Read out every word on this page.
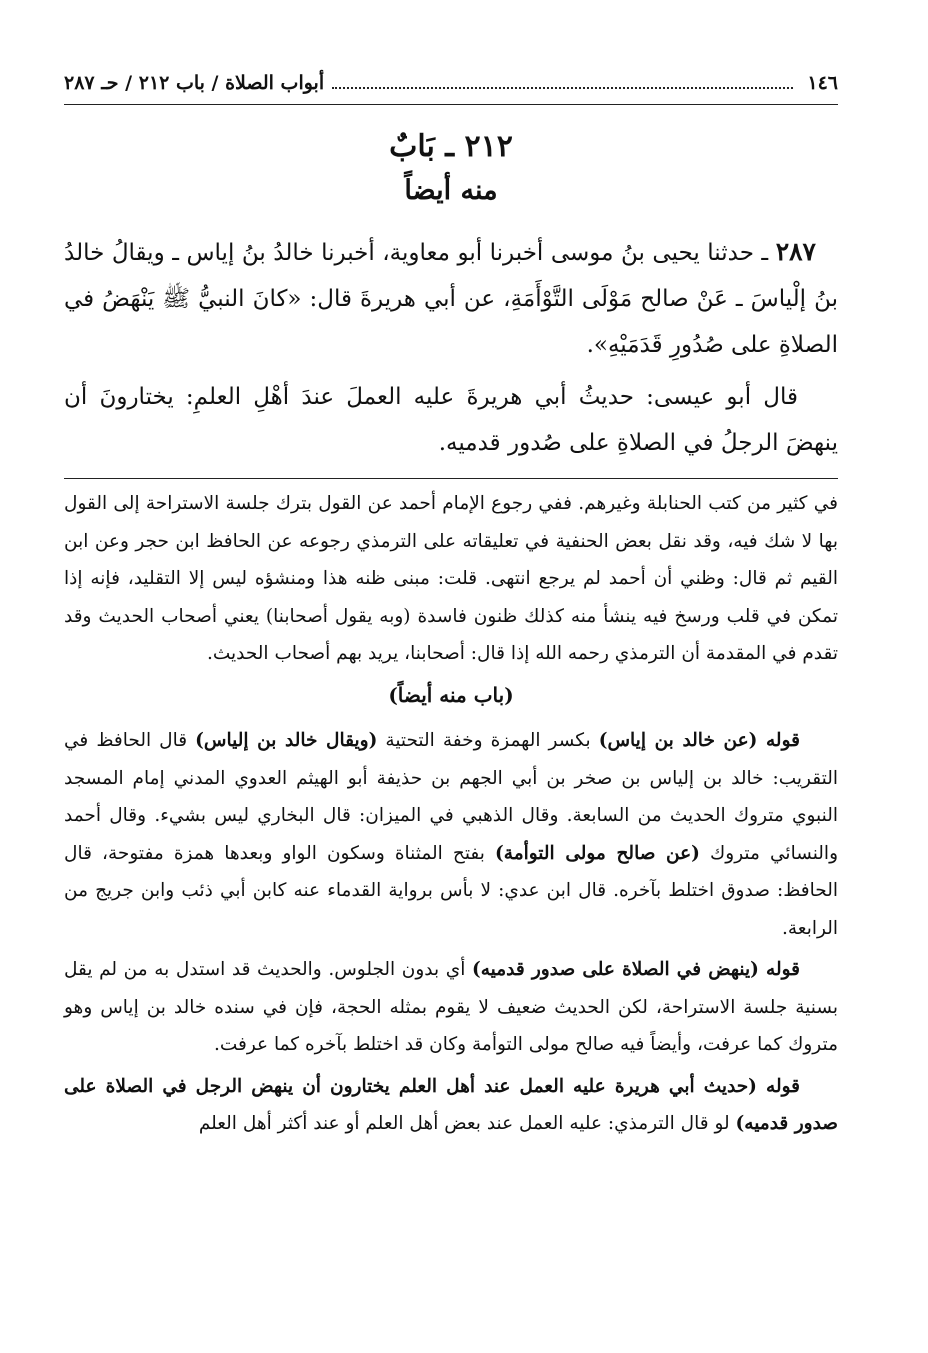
١٤٦
أبواب الصلاة / باب ٢١٢ / حـ ٢٨٧
٢١٢ ـ بَابٌ
منه أيضاً
٢٨٧ ـ حدثنا يحيى بنُ موسى أخبرنا أبو معاوية، أخبرنا خالدُ بنُ إياس ـ ويقالُ خالدُ بنُ إلْياسَ ـ عَنْ صالح مَوْلَى التَّوْأَمَةِ، عن أبي هريرةَ قال: «كانَ النبيُّ ﷺ يَنْهَضُ في الصلاةِ على صُدُورِ قَدَمَيْهِ».
قال أبو عيسى: حديثُ أبي هريرةَ عليه العملَ عندَ أهْلِ العلمِ: يختارونَ أن ينهضَ الرجلُ في الصلاةِ على صُدور قدميه.

في كثير من كتب الحنابلة وغيرهم. ففي رجوع الإمام أحمد عن القول بترك جلسة الاستراحة إلى القول بها لا شك فيه، وقد نقل بعض الحنفية في تعليقاته على الترمذي رجوعه عن الحافظ ابن حجر وعن ابن القيم ثم قال: وظني أن أحمد لم يرجع انتهى. قلت: مبنى ظنه هذا ومنشؤه ليس إلا التقليد، فإنه إذا تمكن في قلب ورسخ فيه ينشأ منه كذلك ظنون فاسدة (وبه يقول أصحابنا) يعني أصحاب الحديث وقد تقدم في المقدمة أن الترمذي رحمه الله إذا قال: أصحابنا، يريد بهم أصحاب الحديث.

(باب منه أيضاً)

قوله (عن خالد بن إياس) بكسر الهمزة وخفة التحتية (ويقال خالد بن إلياس) قال الحافظ في التقريب: خالد بن إلياس بن صخر بن أبي الجهم بن حذيفة أبو الهيثم العدوي المدني إمام المسجد النبوي متروك الحديث من السابعة. وقال الذهبي في الميزان: قال البخاري ليس بشيء. وقال أحمد والنسائي متروك (عن صالح مولى التوأمة) بفتح المثناة وسكون الواو وبعدها همزة مفتوحة، قال الحافظ: صدوق اختلط بآخره. قال ابن عدي: لا بأس برواية القدماء عنه كابن أبي ذئب وابن جريج من الرابعة.

قوله (ينهض في الصلاة على صدور قدميه) أي بدون الجلوس. والحديث قد استدل به من لم يقل بسنية جلسة الاستراحة، لكن الحديث ضعيف لا يقوم بمثله الحجة، فإن في سنده خالد بن إياس وهو متروك كما عرفت، وأيضاً فيه صالح مولى التوأمة وكان قد اختلط بآخره كما عرفت.

قوله (حديث أبي هريرة عليه العمل عند أهل العلم يختارون أن ينهض الرجل في الصلاة على صدور قدميه) لو قال الترمذي: عليه العمل عند بعض أهل العلم أو عند أكثر أهل العلم
